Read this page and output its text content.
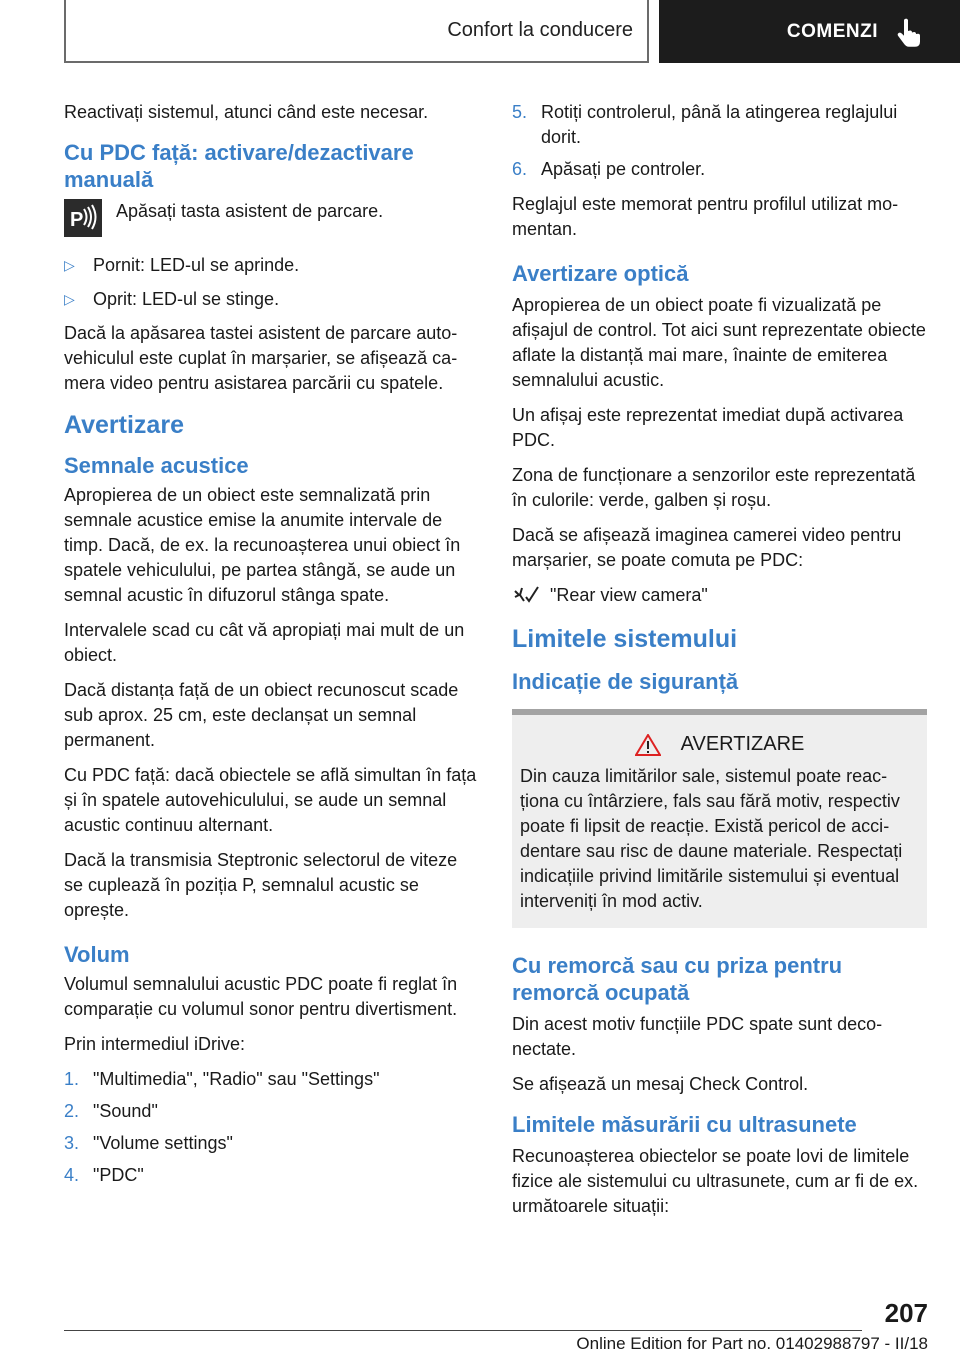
Confort la conducere	COMENZI

Reactivați sistemul, atunci când este necesar.

Cu PDC față: activare/dezactivare manuală
P Apăsați tasta asistent de parcare.

▷ Pornit: LED-ul se aprinde.
▷ Oprit: LED-ul se stinge.

Dacă la apăsarea tastei asistent de parcare autovehiculul este cuplat în marșarier, se afișează camera video pentru asistarea parcării cu spatele.

Avertizare
Semnale acustice

Apropierea de un obiect este semnalizată prin semnale acustice emise la anumite intervale de timp. Dacă, de ex. la recunoașterea unui obiect în spatele vehiculului, pe partea stângă, se aude un semnal acustic în difuzorul stânga spate.

Intervalele scad cu cât vă apropiați mai mult de un obiect.

Dacă distanța față de un obiect recunoscut scade sub aprox. 25 cm, este declanșat un semnal permanent.

Cu PDC față: dacă obiectele se află simultan în fața și în spatele autovehiculului, se aude un semnal acustic continuu alternant.

Dacă la transmisia Steptronic selectorul de viteze se cuplează în poziția P, semnalul acustic se oprește.

Volum

Volumul semnalului acustic PDC poate fi reglat în comparație cu volumul sonor pentru divertisment.

Prin intermediul iDrive:

1. "Multimedia", "Radio" sau "Settings"
2. "Sound"
3. "Volume settings"
4. "PDC"
5. Rotiți controlerul, până la atingerea reglajului dorit.
6. Apăsați pe controler.

Reglajul este memorat pentru profilul utilizat momentan.

Avertizare optică

Apropierea de un obiect poate fi vizualizată pe afișajul de control. Tot aici sunt reprezentate obiecte aflate la distanță mai mare, înainte de emiterea semnalului acustic.

Un afișaj este reprezentat imediat după activarea PDC.

Zona de funcționare a senzorilor este reprezentată în culorile: verde, galben și roșu.

Dacă se afișează imaginea camerei video pentru marșarier, se poate comuta pe PDC:

"Rear view camera"

Limitele sistemului
Indicație de siguranță
AVERTIZARE

Din cauza limitărilor sale, sistemul poate reacționa cu întârziere, fals sau fără motiv, respectiv poate fi lipsit de reacție. Există pericol de accidentare sau risc de daune materiale. Respectați indicațiile privind limitările sistemului și eventual interveniți în mod activ.

Cu remorcă sau cu priza pentru remorcă ocupată

Din acest motiv funcțiile PDC spate sunt deconectate.

Se afișează un mesaj Check Control.

Limitele măsurării cu ultrasunete

Recunoașterea obiectelor se poate lovi de limitele fizice ale sistemului cu ultrasunete, cum ar fi de ex. următoarele situații:

207
Online Edition for Part no. 01402988797 - II/18
